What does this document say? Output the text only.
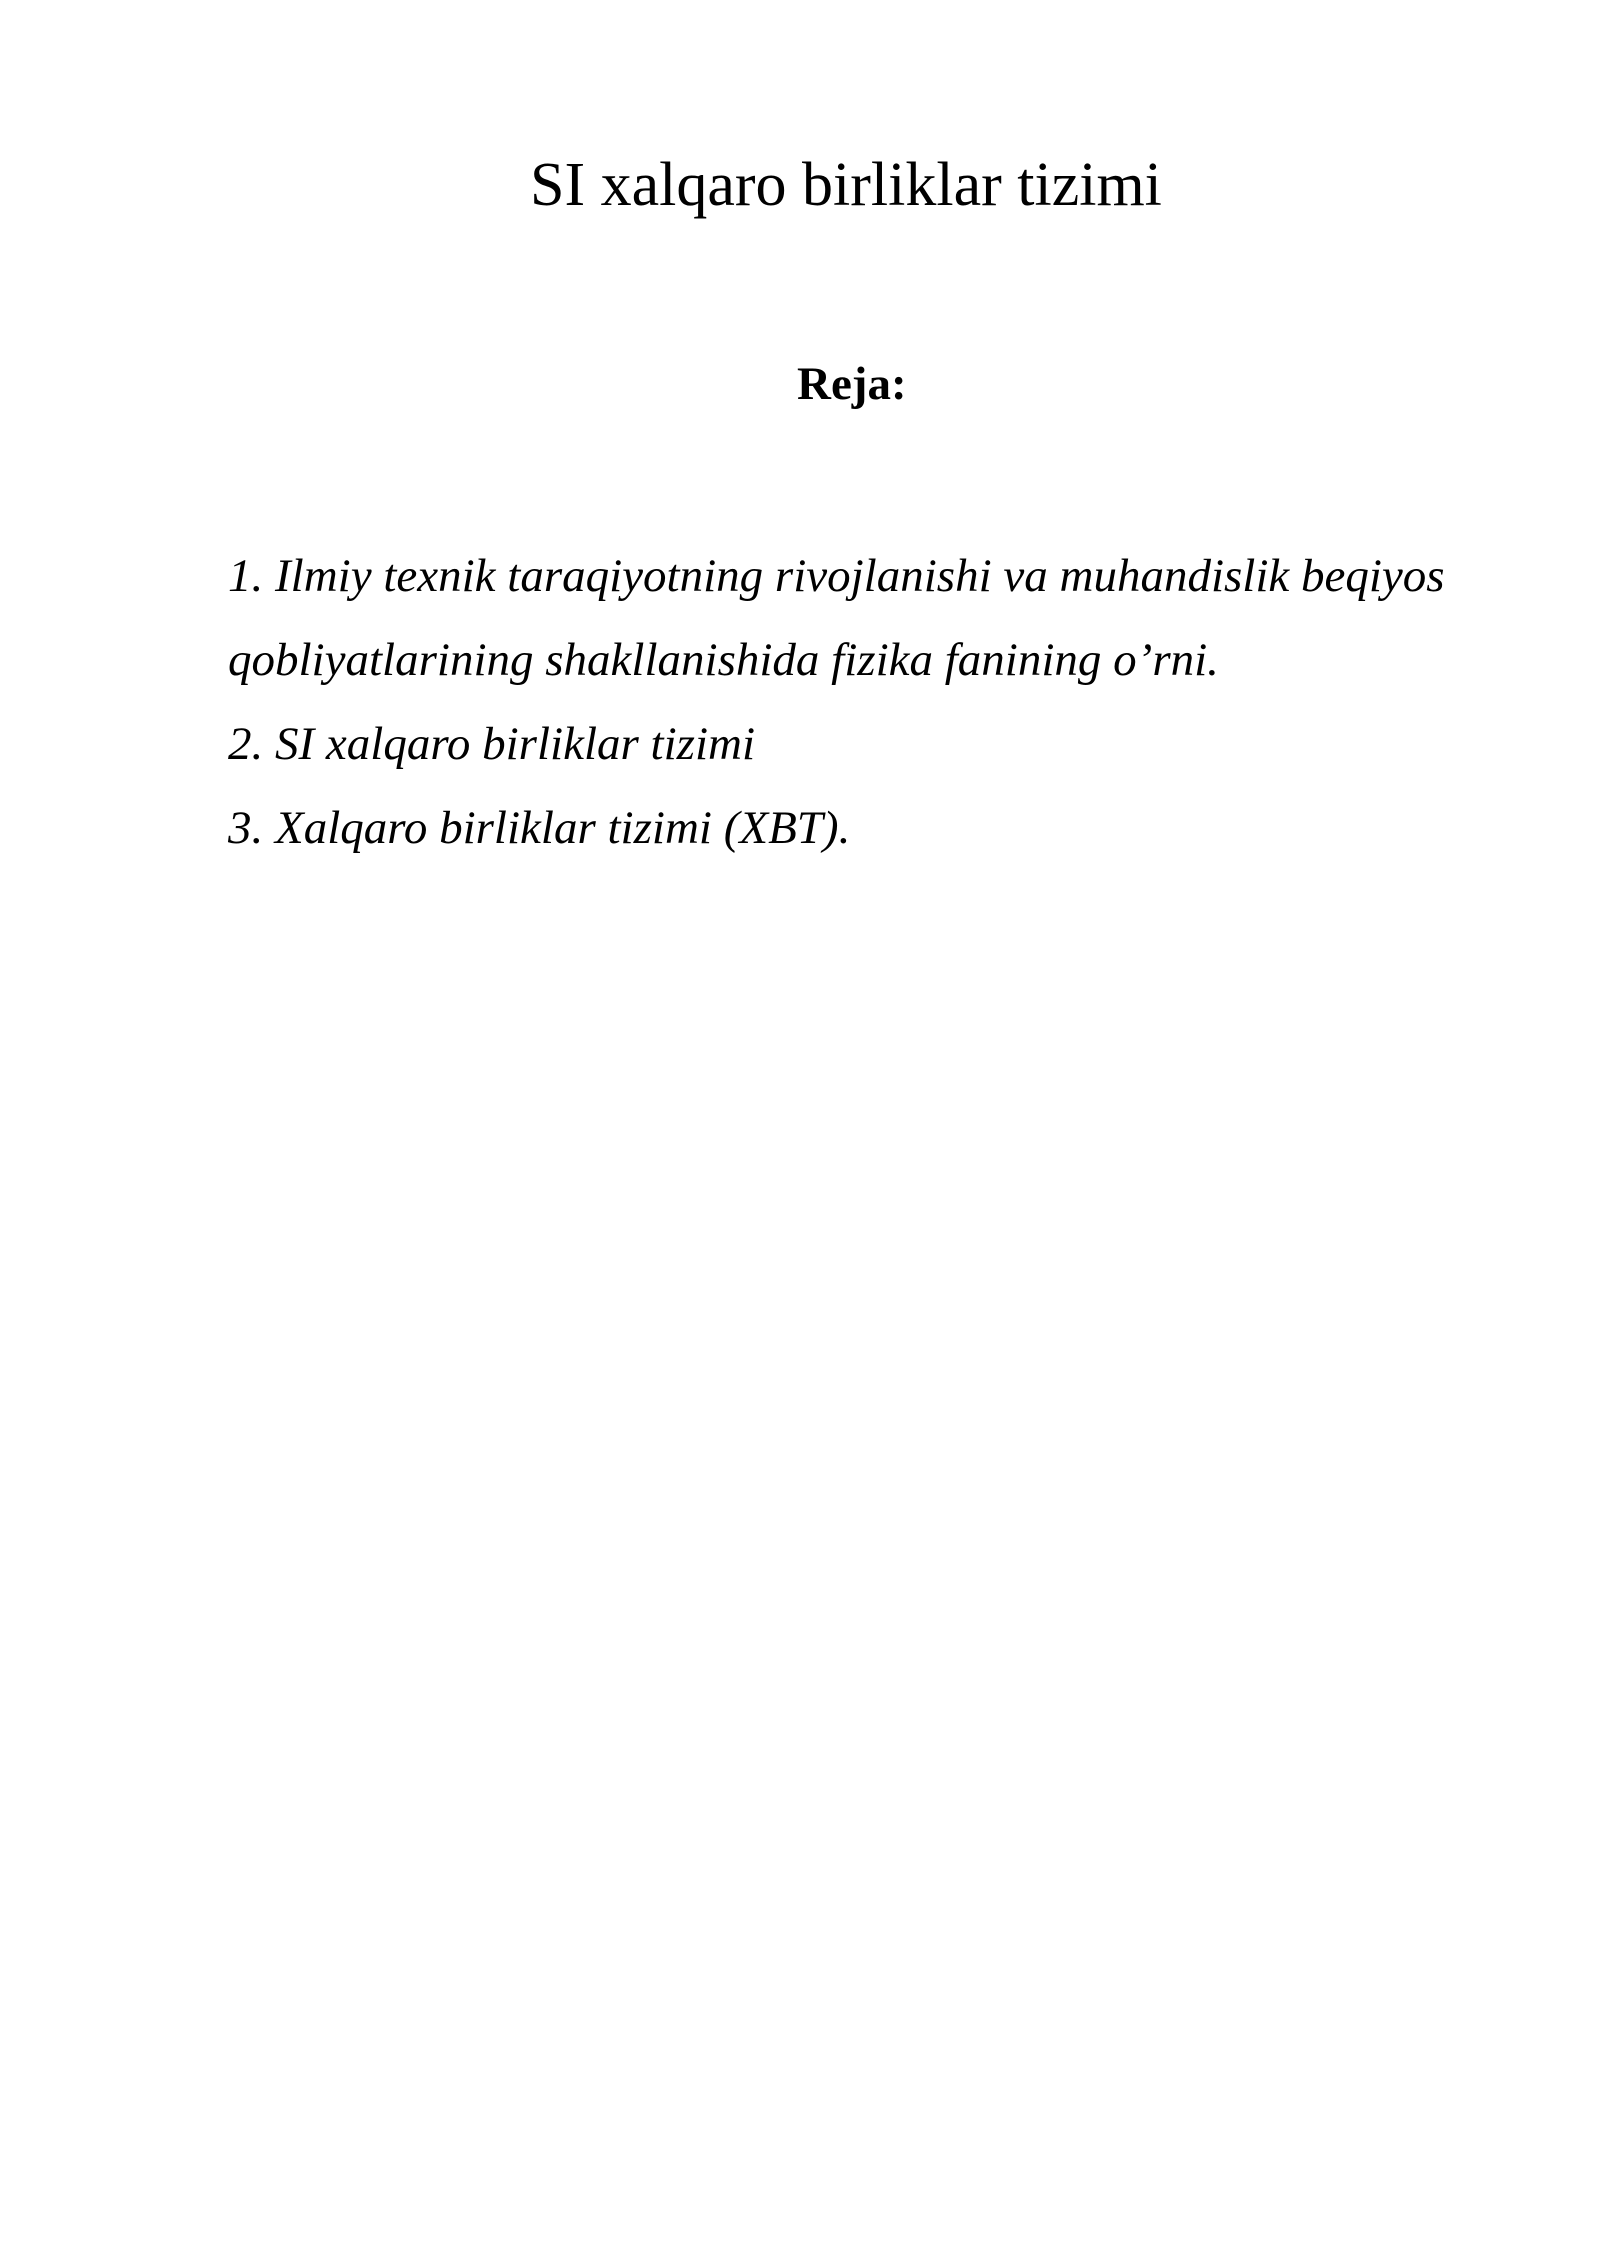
SI xalqaro birliklar tizimi
Reja:
1. Ilmiy texnik taraqiyotning rivojlanishi va muhandislik beqiyos qobliyatlarining shakllanishida fizika fanining o’rni.
2. SI xalqaro birliklar tizimi
3. Xalqaro birliklar tizimi (XBT).
